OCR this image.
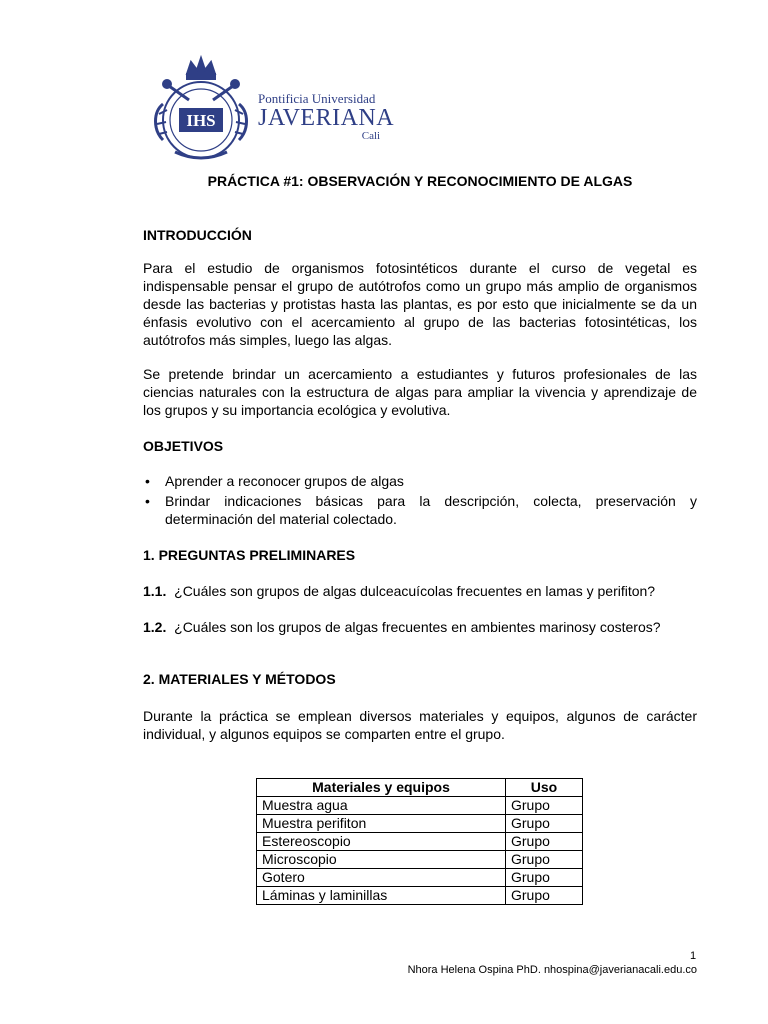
IHS
Pontificia Universidad
JAVERIANA
Cali
PRÁCTICA #1: OBSERVACIÓN Y RECONOCIMIENTO DE ALGAS
INTRODUCCIÓN
Para el estudio de organismos fotosintéticos durante el curso de vegetal es indispensable pensar el grupo de autótrofos como un grupo más amplio de organismos desde las bacterias y protistas hasta las plantas, es por esto que inicialmente se da un énfasis evolutivo con el acercamiento al grupo de las bacterias fotosintéticas, los autótrofos más simples, luego las algas.
Se pretende brindar un acercamiento a estudiantes y futuros profesionales de las ciencias naturales con la estructura de algas para ampliar la vivencia y aprendizaje de los grupos y su importancia ecológica y evolutiva.
OBJETIVOS
• Aprender a reconocer grupos de algas
• Brindar indicaciones básicas para la descripción, colecta, preservación y determinación del material colectado.
1. PREGUNTAS PRELIMINARES
1.1. ¿Cuáles son grupos de algas dulceacuícolas frecuentes en lamas y perifiton?
1.2. ¿Cuáles son los grupos de algas frecuentes en ambientes marinosy costeros?
2. MATERIALES Y MÉTODOS
Durante la práctica se emplean diversos materiales y equipos, algunos de carácter individual, y algunos equipos se comparten entre el grupo.
Materiales y equipos	Uso
Muestra agua	Grupo
Muestra perifiton	Grupo
Estereoscopio	Grupo
Microscopio	Grupo
Gotero	Grupo
Láminas y laminillas	Grupo
1
Nhora Helena Ospina PhD. nhospina@javerianacali.edu.co
